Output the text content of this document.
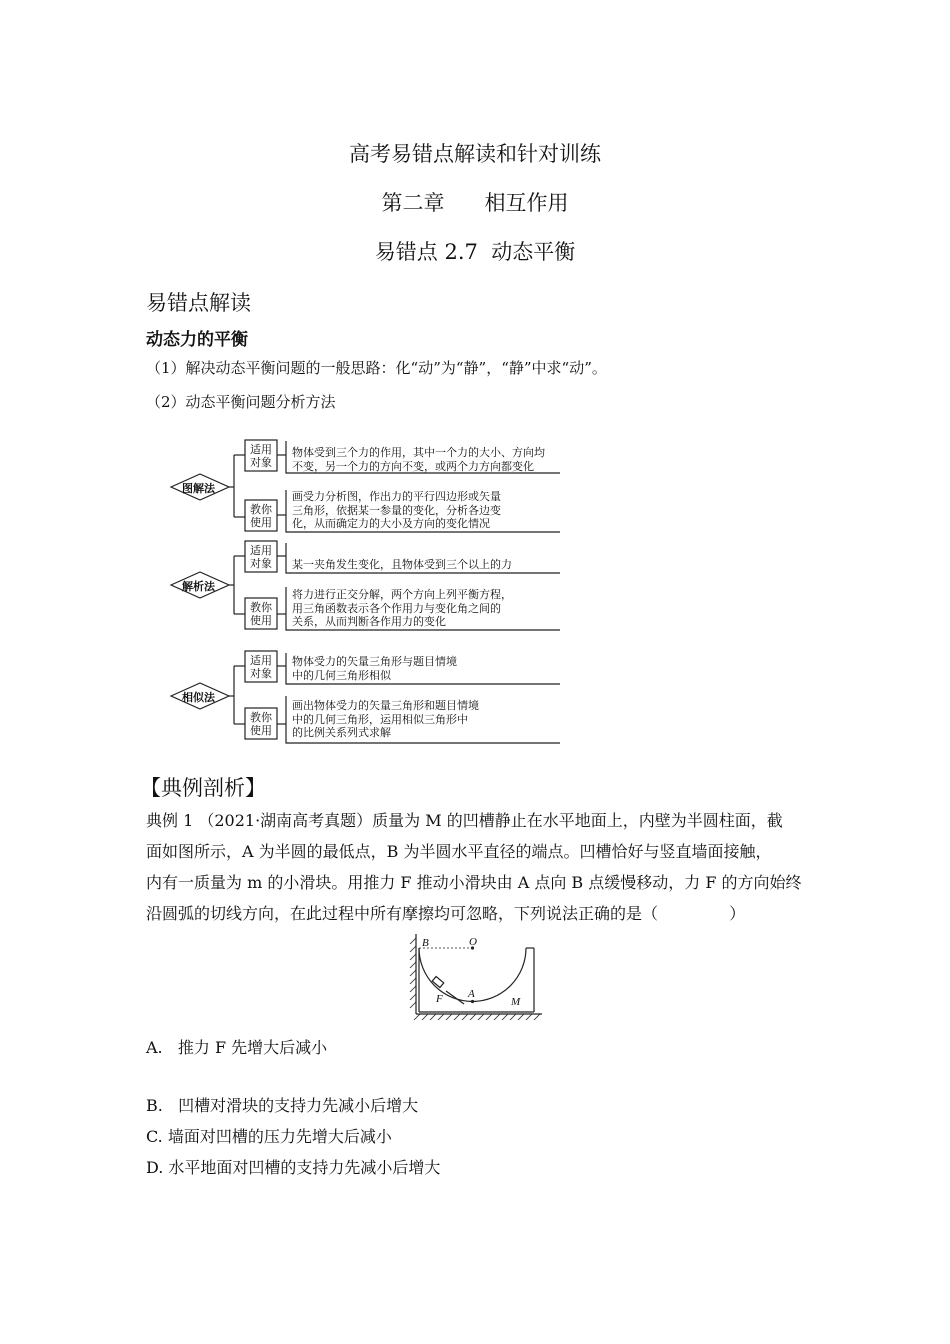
高考易错点解读和针对训练
第二章      相互作用
易错点 2.7  动态平衡
易错点解读
动态力的平衡
（1）解决动态平衡问题的一般思路：化“动”为“静”，“静”中求“动”。
（2）动态平衡问题分析方法
图解法
解析法
相似法
适用
对象
教你
使用
适用
对象
教你
使用
适用
对象
教你
使用
物体受到三个力的作用，其中一个力的大小、方向均
不变，另一个力的方向不变，或两个力方向都变化
画受力分析图，作出力的平行四边形或矢量
三角形，依据某一参量的变化，分析各边变
化，从而确定力的大小及方向的变化情况
某一夹角发生变化，且物体受到三个以上的力
将力进行正交分解，两个方向上列平衡方程，
用三角函数表示各个作用力与变化角之间的
关系，从而判断各作用力的变化
物体受力的矢量三角形与题目情境
中的几何三角形相似
画出物体受力的矢量三角形和题目情境
中的几何三角形，运用相似三角形中
的比例关系列式求解
【典例剖析】
典例 1 （2021·湖南高考真题）质量为 M 的凹槽静止在水平地面上，内壁为半圆柱面，截
面如图所示，A 为半圆的最低点，B 为半圆水平直径的端点。凹槽恰好与竖直墙面接触，
内有一质量为 m 的小滑块。用推力 F 推动小滑块由 A 点向 B 点缓慢移动，力 F 的方向始终
沿圆弧的切线方向，在此过程中所有摩擦均可忽略，下列说法正确的是（              ）
B	O
A
F	M
A.   推力 F 先增大后减小
B.   凹槽对滑块的支持力先减小后增大
C. 墙面对凹槽的压力先增大后减小
D. 水平地面对凹槽的支持力先减小后增大
